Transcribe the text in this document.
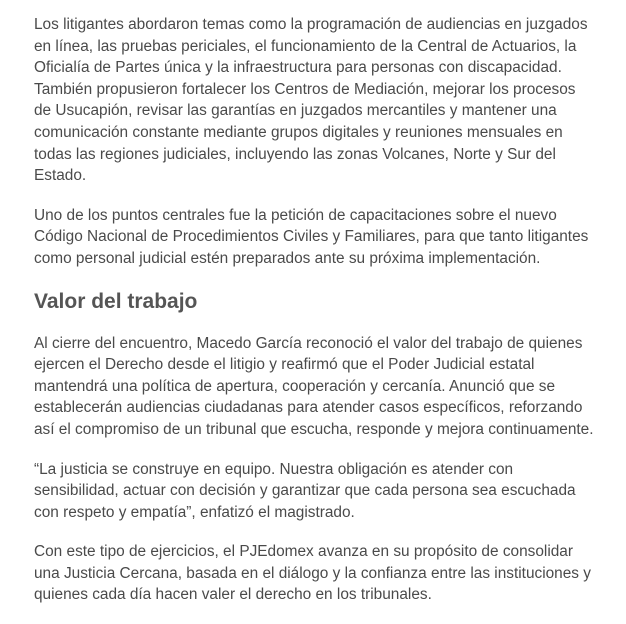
Los litigantes abordaron temas como la programación de audiencias en juzgados en línea, las pruebas periciales, el funcionamiento de la Central de Actuarios, la Oficialía de Partes única y la infraestructura para personas con discapacidad. También propusieron fortalecer los Centros de Mediación, mejorar los procesos de Usucapión, revisar las garantías en juzgados mercantiles y mantener una comunicación constante mediante grupos digitales y reuniones mensuales en todas las regiones judiciales, incluyendo las zonas Volcanes, Norte y Sur del Estado.

Uno de los puntos centrales fue la petición de capacitaciones sobre el nuevo Código Nacional de Procedimientos Civiles y Familiares, para que tanto litigantes como personal judicial estén preparados ante su próxima implementación.

Valor del trabajo

Al cierre del encuentro, Macedo García reconoció el valor del trabajo de quienes ejercen el Derecho desde el litigio y reafirmó que el Poder Judicial estatal mantendrá una política de apertura, cooperación y cercanía. Anunció que se establecerán audiencias ciudadanas para atender casos específicos, reforzando así el compromiso de un tribunal que escucha, responde y mejora continuamente.

“La justicia se construye en equipo. Nuestra obligación es atender con sensibilidad, actuar con decisión y garantizar que cada persona sea escuchada con respeto y empatía”, enfatizó el magistrado.

Con este tipo de ejercicios, el PJEdomex avanza en su propósito de consolidar una Justicia Cercana, basada en el diálogo y la confianza entre las instituciones y quienes cada día hacen valer el derecho en los tribunales.
